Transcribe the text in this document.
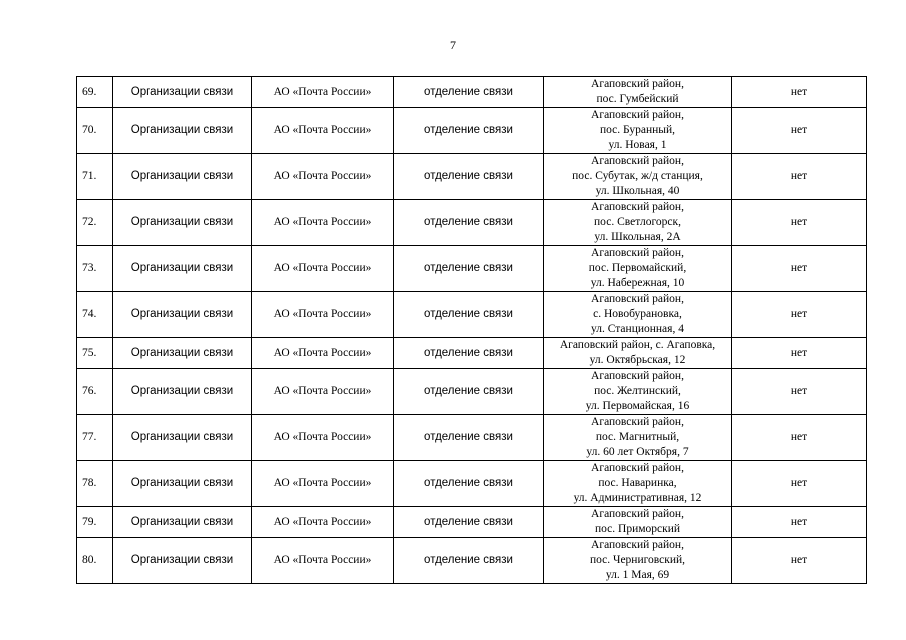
7
69.	Организации связи	АО «Почта России»	отделение связи	Агаповский район,
пос. Гумбейский	нет
70.	Организации связи	АО «Почта России»	отделение связи	Агаповский район,
пос. Буранный,
ул. Новая, 1	нет
71.	Организации связи	АО «Почта России»	отделение связи	Агаповский район,
пос. Субутак, ж/д станция,
ул. Школьная, 40	нет
72.	Организации связи	АО «Почта России»	отделение связи	Агаповский район,
пос. Светлогорск,
ул. Школьная, 2А	нет
73.	Организации связи	АО «Почта России»	отделение связи	Агаповский район,
пос. Первомайский,
ул. Набережная, 10	нет
74.	Организации связи	АО «Почта России»	отделение связи	Агаповский район,
с. Новобурановка,
ул. Станционная, 4	нет
75.	Организации связи	АО «Почта России»	отделение связи	Агаповский район, с. Агаповка,
ул. Октябрьская, 12	нет
76.	Организации связи	АО «Почта России»	отделение связи	Агаповский район,
пос. Желтинский,
ул. Первомайская, 16	нет
77.	Организации связи	АО «Почта России»	отделение связи	Агаповский район,
пос. Магнитный,
ул. 60 лет Октября, 7	нет
78.	Организации связи	АО «Почта России»	отделение связи	Агаповский район,
пос. Наваринка,
ул. Административная, 12	нет
79.	Организации связи	АО «Почта России»	отделение связи	Агаповский район,
пос. Приморский	нет
80.	Организации связи	АО «Почта России»	отделение связи	Агаповский район,
пос. Черниговский,
ул. 1 Мая, 69	нет
